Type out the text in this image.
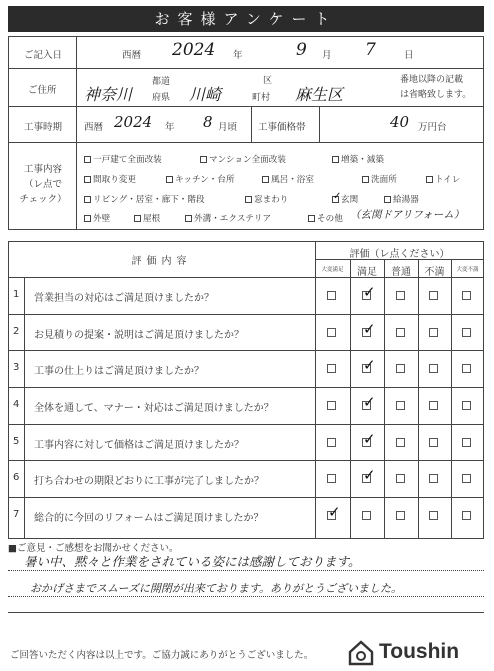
お客様アンケート
ご記入日	西暦 2024 年	9 月 7	日
ご住所 神奈川
都道
府県 川崎
区
町村 麻生区
番地以降の記載
は省略致します。
工事時期 西暦 2024 年 8 月頃 工事価格帯	40 万円台
工事内容
（レ点で
チェック）
一戸建て全面改装	マンション全面改装	増築・減築
間取り変更	キッチン・台所	風呂・浴室	洗面所	トイレ
リビング・居室・廊下・階段	窓まわり
✓	玄関	給湯器
外壁	屋根	外溝・エクステリア	その他 （玄関ドアリフォーム）
評価内容
評価（レ点ください）
大変満足	満足	普通	不満	大変不満
1 営業担当の対応はご満足頂けましたか？	✓
2 お見積りの提案・説明はご満足頂けましたか？	✓
3 工事の仕上りはご満足頂けましたか？	✓
4 全体を通して、マナー・対応はご満足頂けましたか？	✓
5 工事内容に対して価格はご満足頂けましたか？	✓
6 打ち合わせの期限どおりに工事が完了しましたか？	✓
7 総合的に今回のリフォームはご満足頂けましたか？	✓
■ご意見・ご感想をお聞かせください。
暑い中、黙々と作業をされている姿には感謝しております。
おかげさまでスムーズに開閉が出来ております。ありがとうございました。
ご回答いただく内容は以上です。ご協力誠にありがとうございました。	Toushin
